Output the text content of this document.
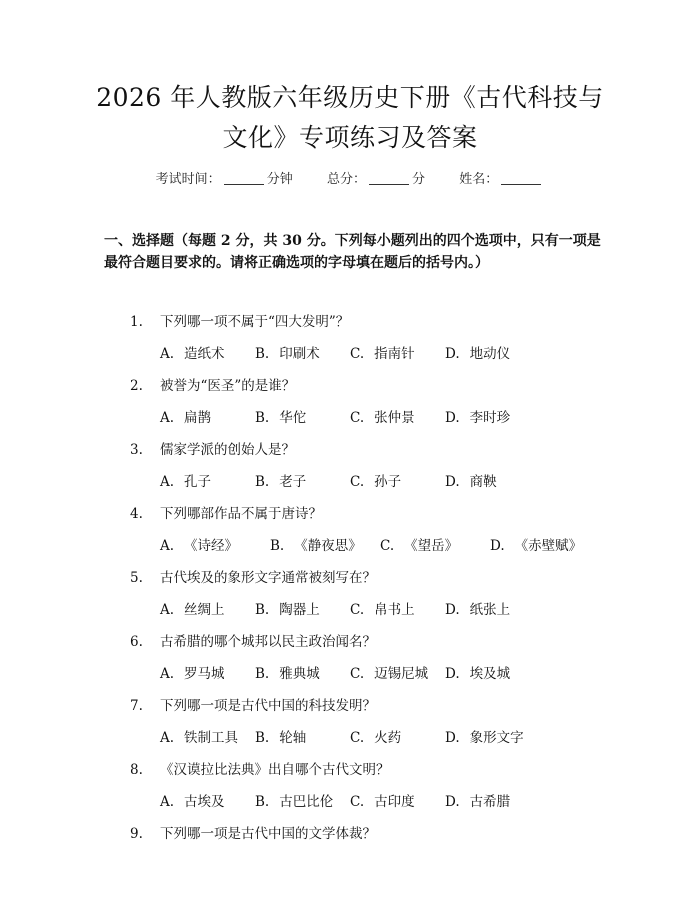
2026 年人教版六年级历史下册《古代科技与
文化》专项练习及答案
考试时间：	分钟	总分：	分	姓名：
一、选择题（每题 2 分，共 30 分。下列每小题列出的四个选项中，只有一项是最符合题目要求的。请将正确选项的字母填在题后的括号内。）
1. 下列哪一项不属于“四大发明”？
A. 造纸术 B. 印刷术 C. 指南针 D. 地动仪
2. 被誉为“医圣”的是谁？
A. 扁鹊	B. 华佗	C. 张仲景 D. 李时珍
3. 儒家学派的创始人是？
A. 孔子	B. 老子	C. 孙子	D. 商鞅
4. 下列哪部作品不属于唐诗？
A. 《诗经》 B. 《静夜思》 C. 《望岳》 D. 《赤壁赋》
5. 古代埃及的象形文字通常被刻写在？
A. 丝绸上 B. 陶器上 C. 帛书上 D. 纸张上
6. 古希腊的哪个城邦以民主政治闻名？
A. 罗马城 B. 雅典城 C. 迈锡尼城 D. 埃及城
7. 下列哪一项是古代中国的科技发明？
A. 铁制工具 B. 轮轴	C. 火药	D. 象形文字
8. 《汉谟拉比法典》出自哪个古代文明？
A. 古埃及 B. 古巴比伦 C. 古印度 D. 古希腊
9. 下列哪一项是古代中国的文学体裁？
